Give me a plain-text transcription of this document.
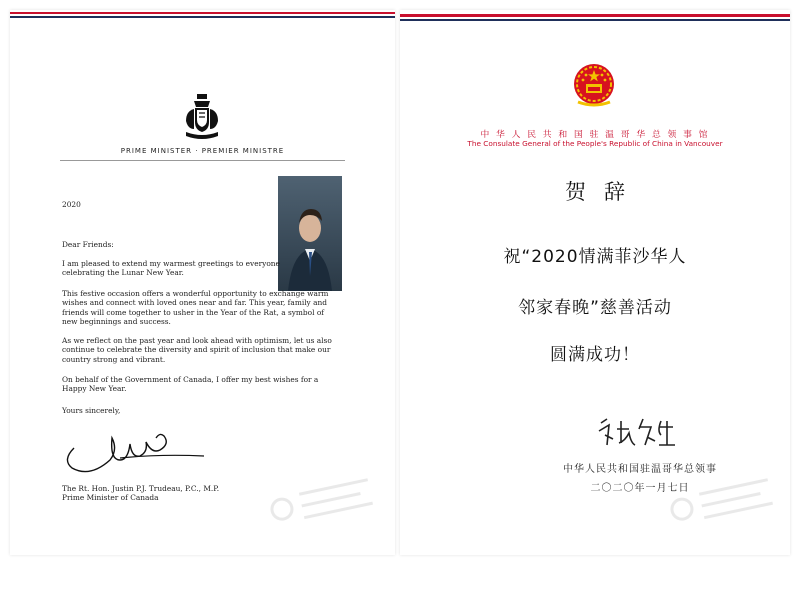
PRIME MINISTER · PREMIER MINISTRE
2020
Dear Friends:
I am pleased to extend my warmest greetings to everyone celebrating the Lunar New Year.
This festive occasion offers a wonderful opportunity to exchange warm wishes and connect with loved ones near and far. This year, family and friends will come together to usher in the Year of the Rat, a symbol of new beginnings and success.
As we reflect on the past year and look ahead with optimism, let us also continue to celebrate the diversity and spirit of inclusion that make our country strong and vibrant.
On behalf of the Government of Canada, I offer my best wishes for a Happy New Year.
Yours sincerely,
The Rt. Hon. Justin P.J. Trudeau, P.C., M.P.
Prime Minister of Canada
中 华 人 民 共 和 国 驻 温 哥 华 总 领 事 馆
The Consulate General of the People's Republic of China in Vancouver
贺辞
祝“2020情满菲沙华人
邻家春晚”慈善活动
圆满成功！
中华人民共和国驻温哥华总领事
二〇二〇年一月七日
